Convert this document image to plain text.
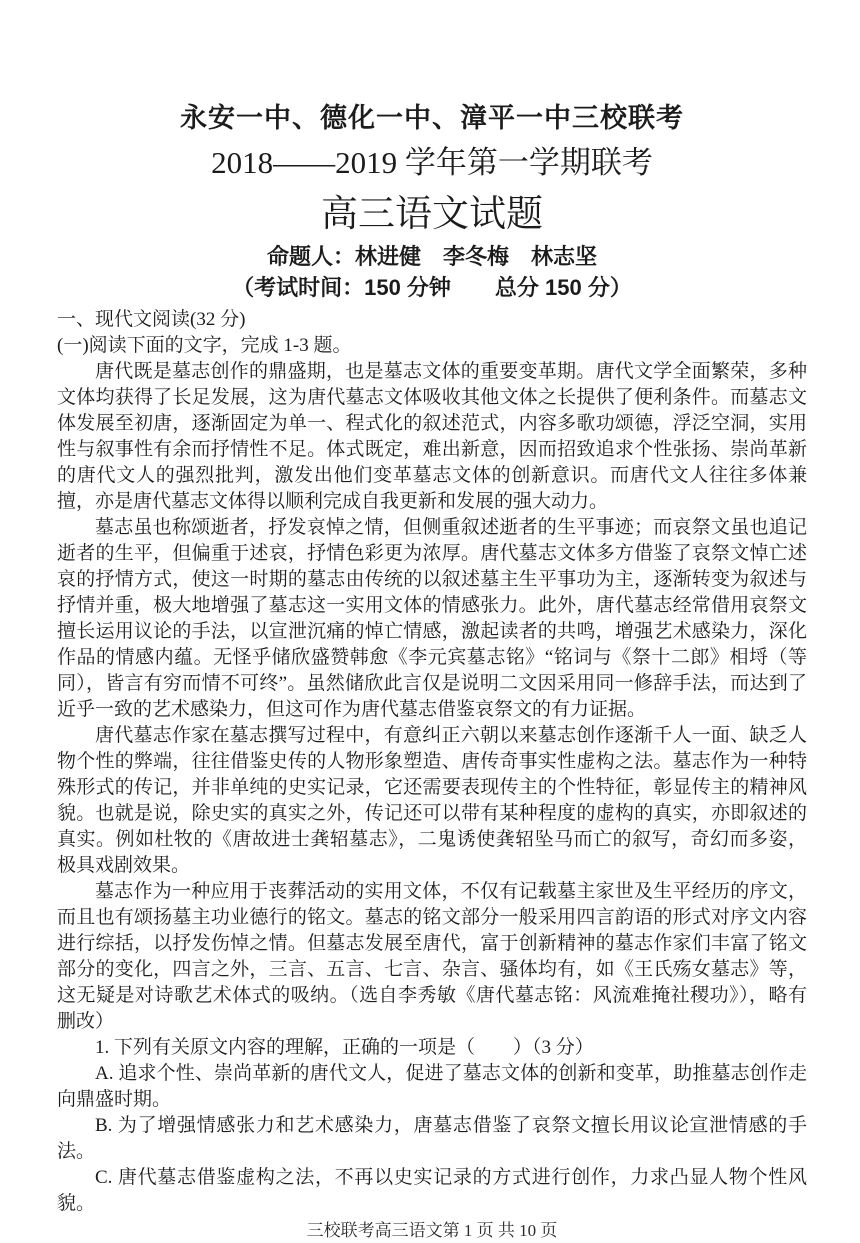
永安一中、德化一中、漳平一中三校联考
2018——2019 学年第一学期联考
高三语文试题
命题人：林进健　李冬梅　林志坚
（考试时间：150 分钟　　总分 150 分）
一、现代文阅读(32 分)
(一)阅读下面的文字，完成 1-3 题。

唐代既是墓志创作的鼎盛期，也是墓志文体的重要变革期。唐代文学全面繁荣，多种文体均获得了长足发展，这为唐代墓志文体吸收其他文体之长提供了便利条件。而墓志文体发展至初唐，逐渐固定为单一、程式化的叙述范式，内容多歌功颂德，浮泛空洞，实用性与叙事性有余而抒情性不足。体式既定，难出新意，因而招致追求个性张扬、崇尚革新的唐代文人的强烈批判，激发出他们变革墓志文体的创新意识。而唐代文人往往多体兼擅，亦是唐代墓志文体得以顺利完成自我更新和发展的强大动力。

墓志虽也称颂逝者，抒发哀悼之情，但侧重叙述逝者的生平事迹；而哀祭文虽也追记逝者的生平，但偏重于述哀，抒情色彩更为浓厚。唐代墓志文体多方借鉴了哀祭文悼亡述哀的抒情方式，使这一时期的墓志由传统的以叙述墓主生平事功为主，逐渐转变为叙述与抒情并重，极大地增强了墓志这一实用文体的情感张力。此外，唐代墓志经常借用哀祭文擅长运用议论的手法，以宣泄沉痛的悼亡情感，激起读者的共鸣，增强艺术感染力，深化作品的情感内蕴。无怪乎储欣盛赞韩愈《李元宾墓志铭》“铭词与《祭十二郎》相埒（等同），皆言有穷而情不可终”。虽然储欣此言仅是说明二文因采用同一修辞手法，而达到了近乎一致的艺术感染力，但这可作为唐代墓志借鉴哀祭文的有力证据。

唐代墓志作家在墓志撰写过程中，有意纠正六朝以来墓志创作逐渐千人一面、缺乏人物个性的弊端，往往借鉴史传的人物形象塑造、唐传奇事实性虚构之法。墓志作为一种特殊形式的传记，并非单纯的史实记录，它还需要表现传主的个性特征，彰显传主的精神风貌。也就是说，除史实的真实之外，传记还可以带有某种程度的虚构的真实，亦即叙述的真实。例如杜牧的《唐故进士龚轺墓志》，二鬼诱使龚轺坠马而亡的叙写，奇幻而多姿，极具戏剧效果。

墓志作为一种应用于丧葬活动的实用文体，不仅有记载墓主家世及生平经历的序文，而且也有颂扬墓主功业德行的铭文。墓志的铭文部分一般采用四言韵语的形式对序文内容进行综括，以抒发伤悼之情。但墓志发展至唐代，富于创新精神的墓志作家们丰富了铭文部分的变化，四言之外，三言、五言、七言、杂言、骚体均有，如《王氏殇女墓志》等，这无疑是对诗歌艺术体式的吸纳。（选自李秀敏《唐代墓志铭：风流难掩社稷功》），略有删改）

1. 下列有关原文内容的理解，正确的一项是（　　）（3 分）

A. 追求个性、崇尚革新的唐代文人，促进了墓志文体的创新和变革，助推墓志创作走向鼎盛时期。

B. 为了增强情感张力和艺术感染力，唐墓志借鉴了哀祭文擅长用议论宣泄情感的手法。

C. 唐代墓志借鉴虚构之法，不再以史实记录的方式进行创作，力求凸显人物个性风貌。

三校联考高三语文第 1 页 共 10 页
